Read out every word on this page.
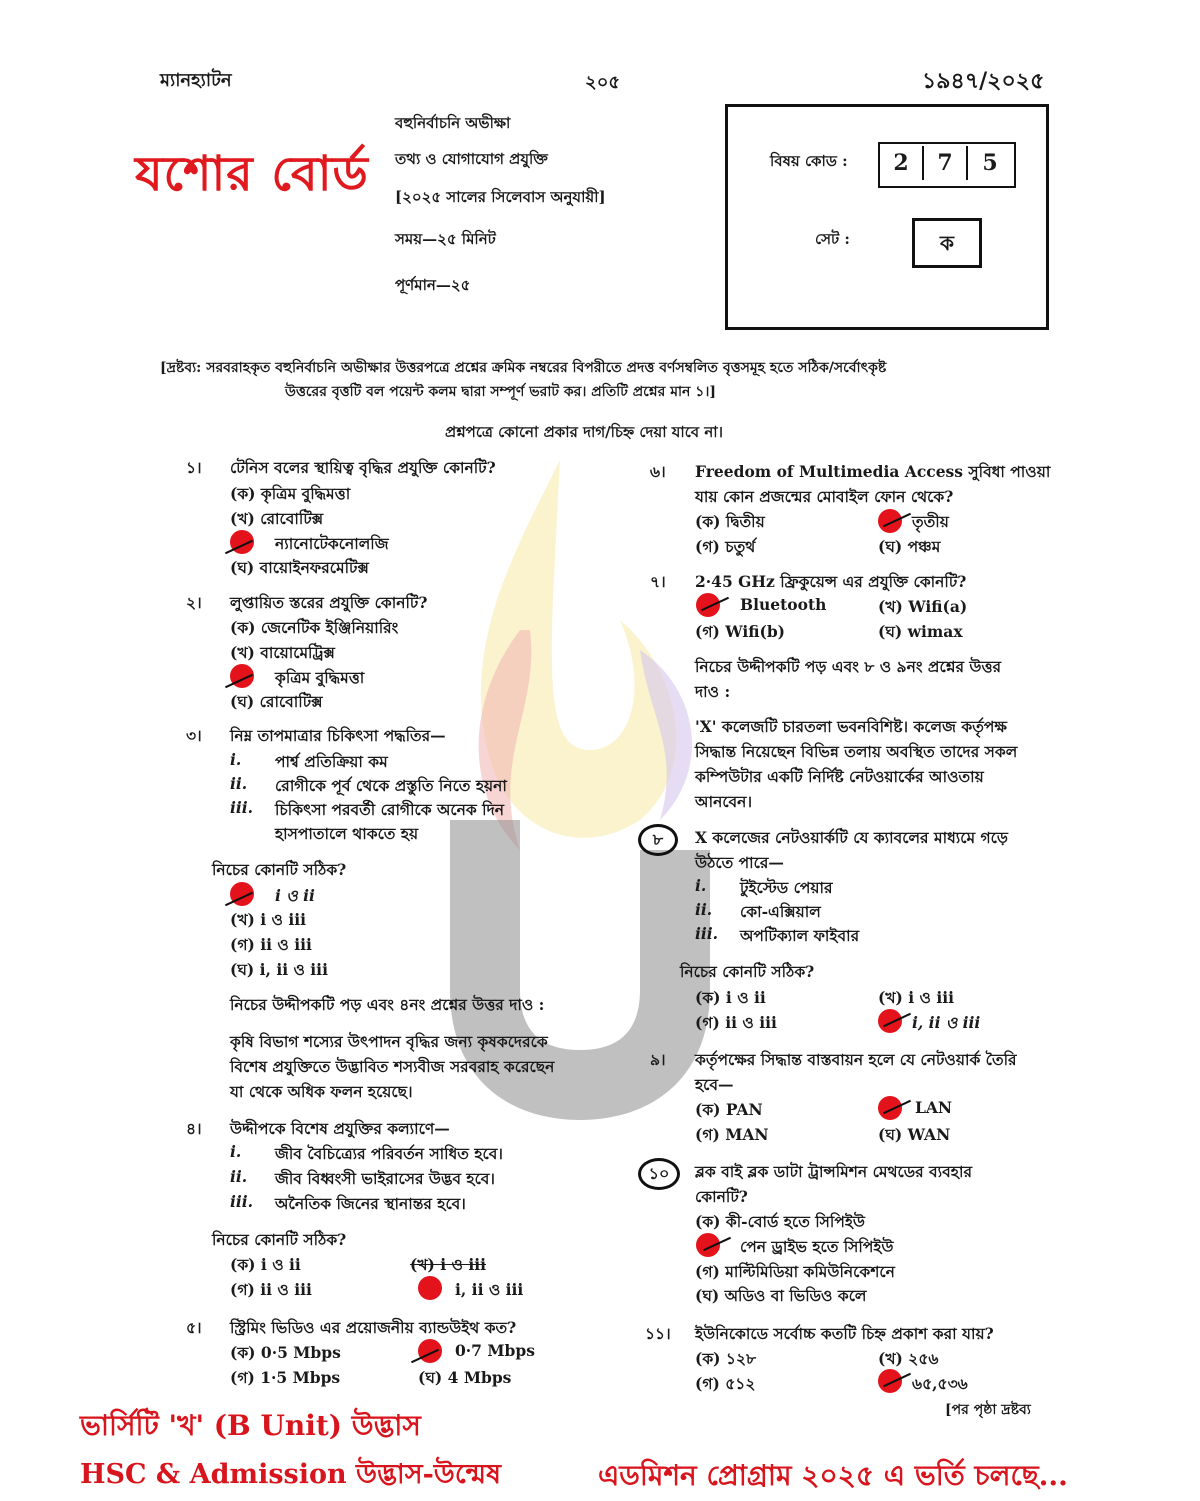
ম্যানহ্যাটন	২০৫	১৯৪৭/২০২৫
যশোর বোর্ড
বহুনির্বাচনি অভীক্ষা
তথ্য ও যোগাযোগ প্রযুক্তি
[২০২৫ সালের সিলেবাস অনুযায়ী]
সময়—২৫ মিনিট
পূর্ণমান—২৫
বিষয় কোড :	2	7	5
সেট :	ক
[দ্রষ্টব্য: সরবরাহকৃত বহুনির্বাচনি অভীক্ষার উত্তরপত্রে প্রশ্নের ক্রমিক নম্বরের বিপরীতে প্রদত্ত বর্ণসম্বলিত বৃত্তসমূহ হতে সঠিক/সর্বোৎকৃষ্ট
উত্তরের বৃত্তটি বল পয়েন্ট কলম দ্বারা সম্পূর্ণ ভরাট কর। প্রতিটি প্রশ্নের মান ১।]
প্রশ্নপত্রে কোনো প্রকার দাগ/চিহ্ন দেয়া যাবে না।
১। টেনিস বলের স্থায়িত্ব বৃদ্ধির প্রযুক্তি কোনটি?
(ক) কৃত্রিম বুদ্ধিমত্তা
(খ) রোবোটিক্স
ন্যানোটেকনোলজি
(ঘ) বায়োইনফরমেটিক্স
২। লুপ্তায়িত স্তরের প্রযুক্তি কোনটি?
(ক) জেনেটিক ইঞ্জিনিয়ারিং
(খ) বায়োমেট্রিক্স
কৃত্রিম বুদ্ধিমত্তা
(ঘ) রোবোটিক্স
৩। নিম্ন তাপমাত্রার চিকিৎসা পদ্ধতির—
i. পার্শ্ব প্রতিক্রিয়া কম
ii. রোগীকে পূর্ব থেকে প্রস্তুতি নিতে হয়না
iii. চিকিৎসা পরবর্তী রোগীকে অনেক দিন
হাসপাতালে থাকতে হয়
নিচের কোনটি সঠিক?
i ও ii
(খ) i ও iii
(গ) ii ও iii
(ঘ) i, ii ও iii
নিচের উদ্দীপকটি পড় এবং ৪নং প্রশ্নের উত্তর দাও :
কৃষি বিভাগ শস্যের উৎপাদন বৃদ্ধির জন্য কৃষকদেরকে
বিশেষ প্রযুক্তিতে উদ্ভাবিত শস্যবীজ সরবরাহ করেছেন
যা থেকে অধিক ফলন হয়েছে।
৪। উদ্দীপকে বিশেষ প্রযুক্তির কল্যাণে—
i. জীব বৈচিত্র্যের পরিবর্তন সাধিত হবে।
ii. জীব বিধ্বংসী ভাইরাসের উদ্ভব হবে।
iii. অনৈতিক জিনের স্থানান্তর হবে।
নিচের কোনটি সঠিক?
(ক) i ও ii	(খ) i ও iii
(গ) ii ও iii	i, ii ও iii
৫। স্ট্রিমিং ভিডিও এর প্রয়োজনীয় ব্যান্ডউইথ কত?
(ক) 0·5 Mbps	0·7 Mbps
(গ) 1·5 Mbps	(ঘ) 4 Mbps
৬। Freedom of Multimedia Access সুবিধা পাওয়া
যায় কোন প্রজন্মের মোবাইল ফোন থেকে?
(ক) দ্বিতীয়	তৃতীয়
(গ) চতুর্থ	(ঘ) পঞ্চম
৭। 2·45 GHz ফ্রিকুয়েন্স এর প্রযুক্তি কোনটি?
Bluetooth	(খ) Wifi(a)
(গ) Wifi(b)	(ঘ) wimax
নিচের উদ্দীপকটি পড় এবং ৮ ও ৯নং প্রশ্নের উত্তর
দাও :
'X' কলেজটি চারতলা ভবনবিশিষ্ট। কলেজ কর্তৃপক্ষ
সিদ্ধান্ত নিয়েছেন বিভিন্ন তলায় অবস্থিত তাদের সকল
কম্পিউটার একটি নির্দিষ্ট নেটওয়ার্কের আওতায়
আনবেন।
৮	X কলেজের নেটওয়ার্কটি যে ক্যাবলের মাধ্যমে গড়ে
উঠতে পারে—
i. টুইস্টেড পেয়ার
ii. কো-এক্সিয়াল
iii. অপটিক্যাল ফাইবার
নিচের কোনটি সঠিক?
(ক) i ও ii	(খ) i ও iii
(গ) ii ও iii	i, ii ও iii
৯। কর্তৃপক্ষের সিদ্ধান্ত বাস্তবায়ন হলে যে নেটওয়ার্ক তৈরি
হবে—
(ক) PAN	LAN
(গ) MAN	(ঘ) WAN
১০	ব্লক বাই ব্লক ডাটা ট্রান্সমিশন মেথডের ব্যবহার
কোনটি?
(ক) কী-বোর্ড হতে সিপিইউ
পেন ড্রাইভ হতে সিপিইউ
(গ) মাল্টিমিডিয়া কমিউনিকেশনে
(ঘ) অডিও বা ভিডিও কলে
১১। ইউনিকোডে সর্বোচ্চ কতটি চিহ্ন প্রকাশ করা যায়?
(ক) ১২৮	(খ) ২৫৬
(গ) ৫১২	৬৫,৫৩৬
[পর পৃষ্ঠা দ্রষ্টব্য
ভার্সিটি 'খ' (B Unit) উদ্ভাস
HSC & Admission উদ্ভাস-উন্মেষ	এডমিশন প্রোগ্রাম ২০২৫ এ ভর্তি চলছে...
